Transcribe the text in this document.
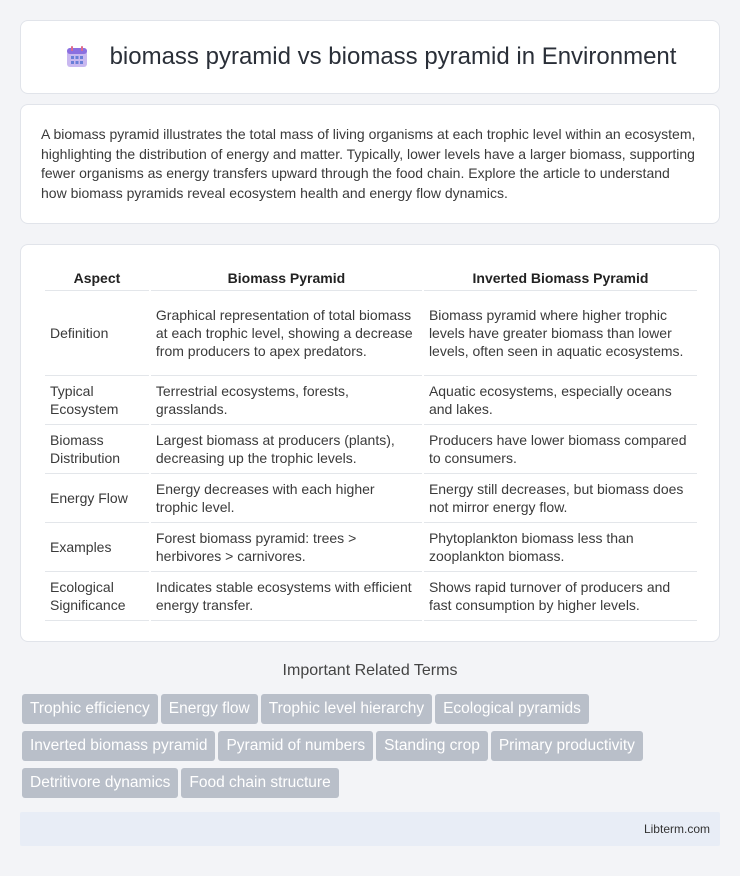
biomass pyramid vs biomass pyramid in Environment

A biomass pyramid illustrates the total mass of living organisms at each trophic level within an ecosystem, highlighting the distribution of energy and matter. Typically, lower levels have a larger biomass, supporting fewer organisms as energy transfers upward through the food chain. Explore the article to understand how biomass pyramids reveal ecosystem health and energy flow dynamics.

Aspect	Biomass Pyramid	Inverted Biomass Pyramid
Definition	Graphical representation of total biomass at each trophic level, showing a decrease from producers to apex predators.	Biomass pyramid where higher trophic levels have greater biomass than lower levels, often seen in aquatic ecosystems.
Typical Ecosystem	Terrestrial ecosystems, forests, grasslands.	Aquatic ecosystems, especially oceans and lakes.
Biomass Distribution	Largest biomass at producers (plants), decreasing up the trophic levels.	Producers have lower biomass compared to consumers.
Energy Flow	Energy decreases with each higher trophic level.	Energy still decreases, but biomass does not mirror energy flow.
Examples	Forest biomass pyramid: trees > herbivores > carnivores.	Phytoplankton biomass less than zooplankton biomass.
Ecological Significance	Indicates stable ecosystems with efficient energy transfer.	Shows rapid turnover of producers and fast consumption by higher levels.
Important Related Terms
Trophic efficiency Energy flow Trophic level hierarchy Ecological pyramids
Inverted biomass pyramid Pyramid of numbers Standing crop Primary productivity
Detritivore dynamics Food chain structure
Libterm.com
